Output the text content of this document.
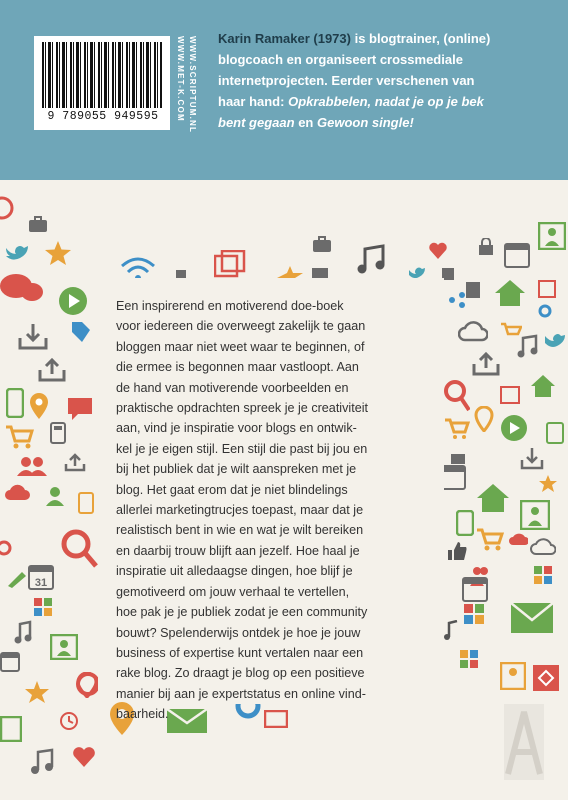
9 789055 949595	WWW.MET-K.COM WWW.SCRIPTUM.NL Karin Ramaker (1973) is blogtrainer, (online)
blogcoach en organiseert crossmediale
internetprojecten. Eerder verschenen van
haar hand: Opkrabbelen, nadat je op je bek
bent gegaan en Gewoon single!
31
Een inspirerend en motiverend doe-boek
voor iedereen die overweegt zakelijk te gaan
bloggen maar niet weet waar te beginnen, of
die ermee is begonnen maar vastloopt. Aan
de hand van motiverende voorbeelden en
praktische opdrachten spreek je je creativiteit
aan, vind je inspiratie voor blogs en ontwik-
kel je je eigen stijl. Een stijl die past bij jou en
bij het publiek dat je wilt aanspreken met je
blog. Het gaat erom dat je niet blindelings
allerlei marketingtrucjes toepast, maar dat je
realistisch bent in wie en wat je wilt bereiken
en daarbij trouw blijft aan jezelf. Hoe haal je
inspiratie uit alledaagse dingen, hoe blijf je
gemotiveerd om jouw verhaal te vertellen,
hoe pak je je publiek zodat je een community
bouwt? Spelenderwijs ontdek je hoe je jouw
business of expertise kunt vertalen naar een
rake blog. Zo draagt je blog op een positieve
manier bij aan je expertstatus en online vind-
baarheid.
